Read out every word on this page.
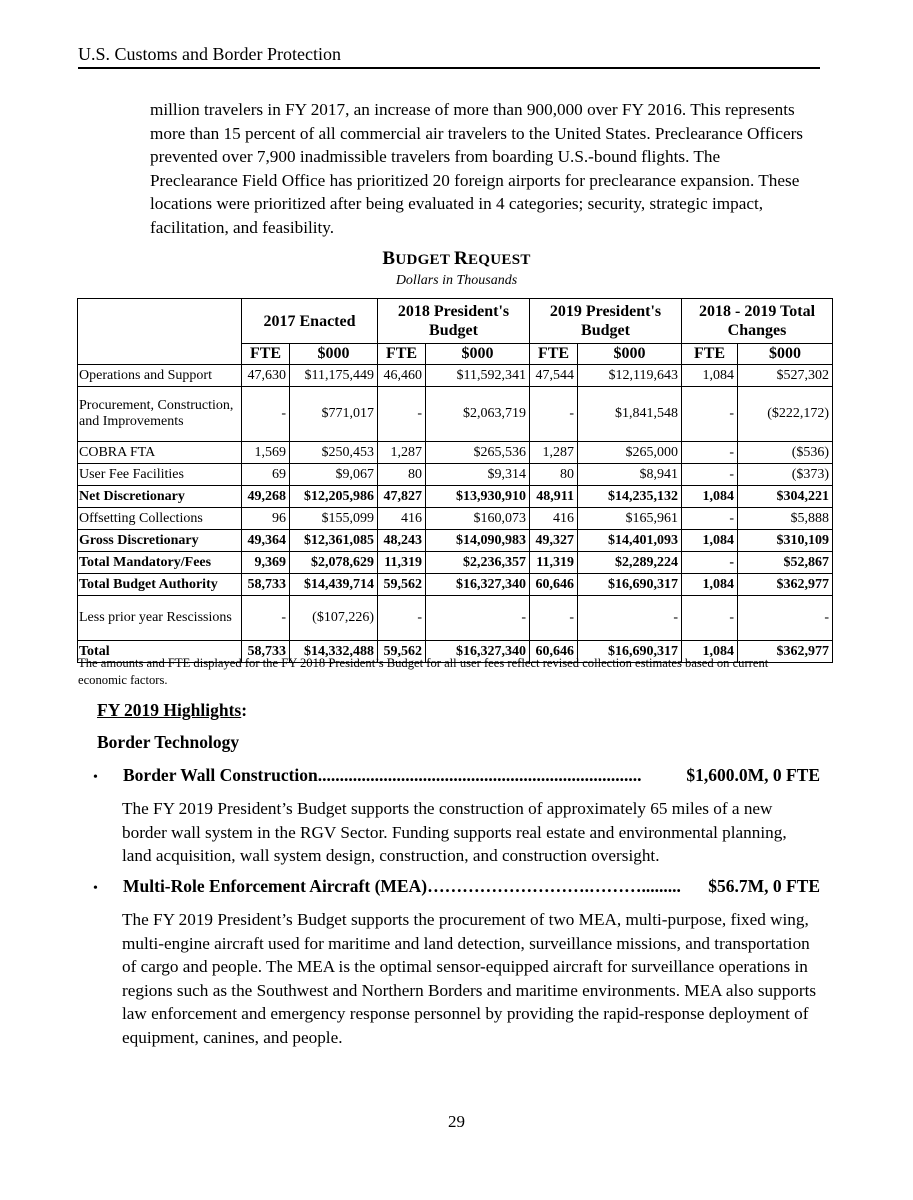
U.S. Customs and Border Protection

million travelers in FY 2017, an increase of more than 900,000 over FY 2016. This represents more than 15 percent of all commercial air travelers to the United States. Preclearance Officers prevented over 7,900 inadmissible travelers from boarding U.S.-bound flights. The Preclearance Field Office has prioritized 20 foreign airports for preclearance expansion. These locations were prioritized after being evaluated in 4 categories; security, strategic impact, facilitation, and feasibility.

BUDGET REQUEST
Dollars in Thousands
	2017 Enacted		2018 President's Budget		2019 President's Budget		2018 - 2019 Total Changes	
	FTE	$000	FTE	$000	FTE	$000	FTE	$000
Operations and Support	47,630	$11,175,449	46,460	$11,592,341	47,544	$12,119,643	1,084	$527,302
Procurement, Construction, and Improvements	-	$771,017	-	$2,063,719	-	$1,841,548	-	($222,172)
COBRA FTA	1,569	$250,453	1,287	$265,536	1,287	$265,000	-	($536)
User Fee Facilities	69	$9,067	80	$9,314	80	$8,941	-	($373)
Net Discretionary	49,268	$12,205,986	47,827	$13,930,910	48,911	$14,235,132	1,084	$304,221
Offsetting Collections	96	$155,099	416	$160,073	416	$165,961	-	$5,888
Gross Discretionary	49,364	$12,361,085	48,243	$14,090,983	49,327	$14,401,093	1,084	$310,109
Total Mandatory/Fees	9,369	$2,078,629	11,319	$2,236,357	11,319	$2,289,224	-	$52,867
Total Budget Authority	58,733	$14,439,714	59,562	$16,327,340	60,646	$16,690,317	1,084	$362,977
Less prior year Rescissions	-	($107,226)	-	-	-	-	-	-
Total	58,733	$14,332,488	59,562	$16,327,340	60,646	$16,690,317	1,084	$362,977

The amounts and FTE displayed for the FY 2018 President’s Budget for all user fees reflect revised collection estimates based on current economic factors.

FY 2019 Highlights:
Border Technology
•	Border Wall Construction ..........................................................................	$1,600.0M, 0 FTE

The FY 2019 President’s Budget supports the construction of approximately 65 miles of a new border wall system in the RGV Sector. Funding supports real estate and environmental planning, land acquisition, wall system design, construction, and construction oversight.

•	Multi-Role Enforcement Aircraft (MEA) ……………………….……….........	$56.7M, 0 FTE

The FY 2019 President’s Budget supports the procurement of two MEA, multi-purpose, fixed wing, multi-engine aircraft used for maritime and land detection, surveillance missions, and transportation of cargo and people. The MEA is the optimal sensor-equipped aircraft for surveillance operations in regions such as the Southwest and Northern Borders and maritime environments. MEA also supports law enforcement and emergency response personnel by providing the rapid-response deployment of equipment, canines, and people.

29
